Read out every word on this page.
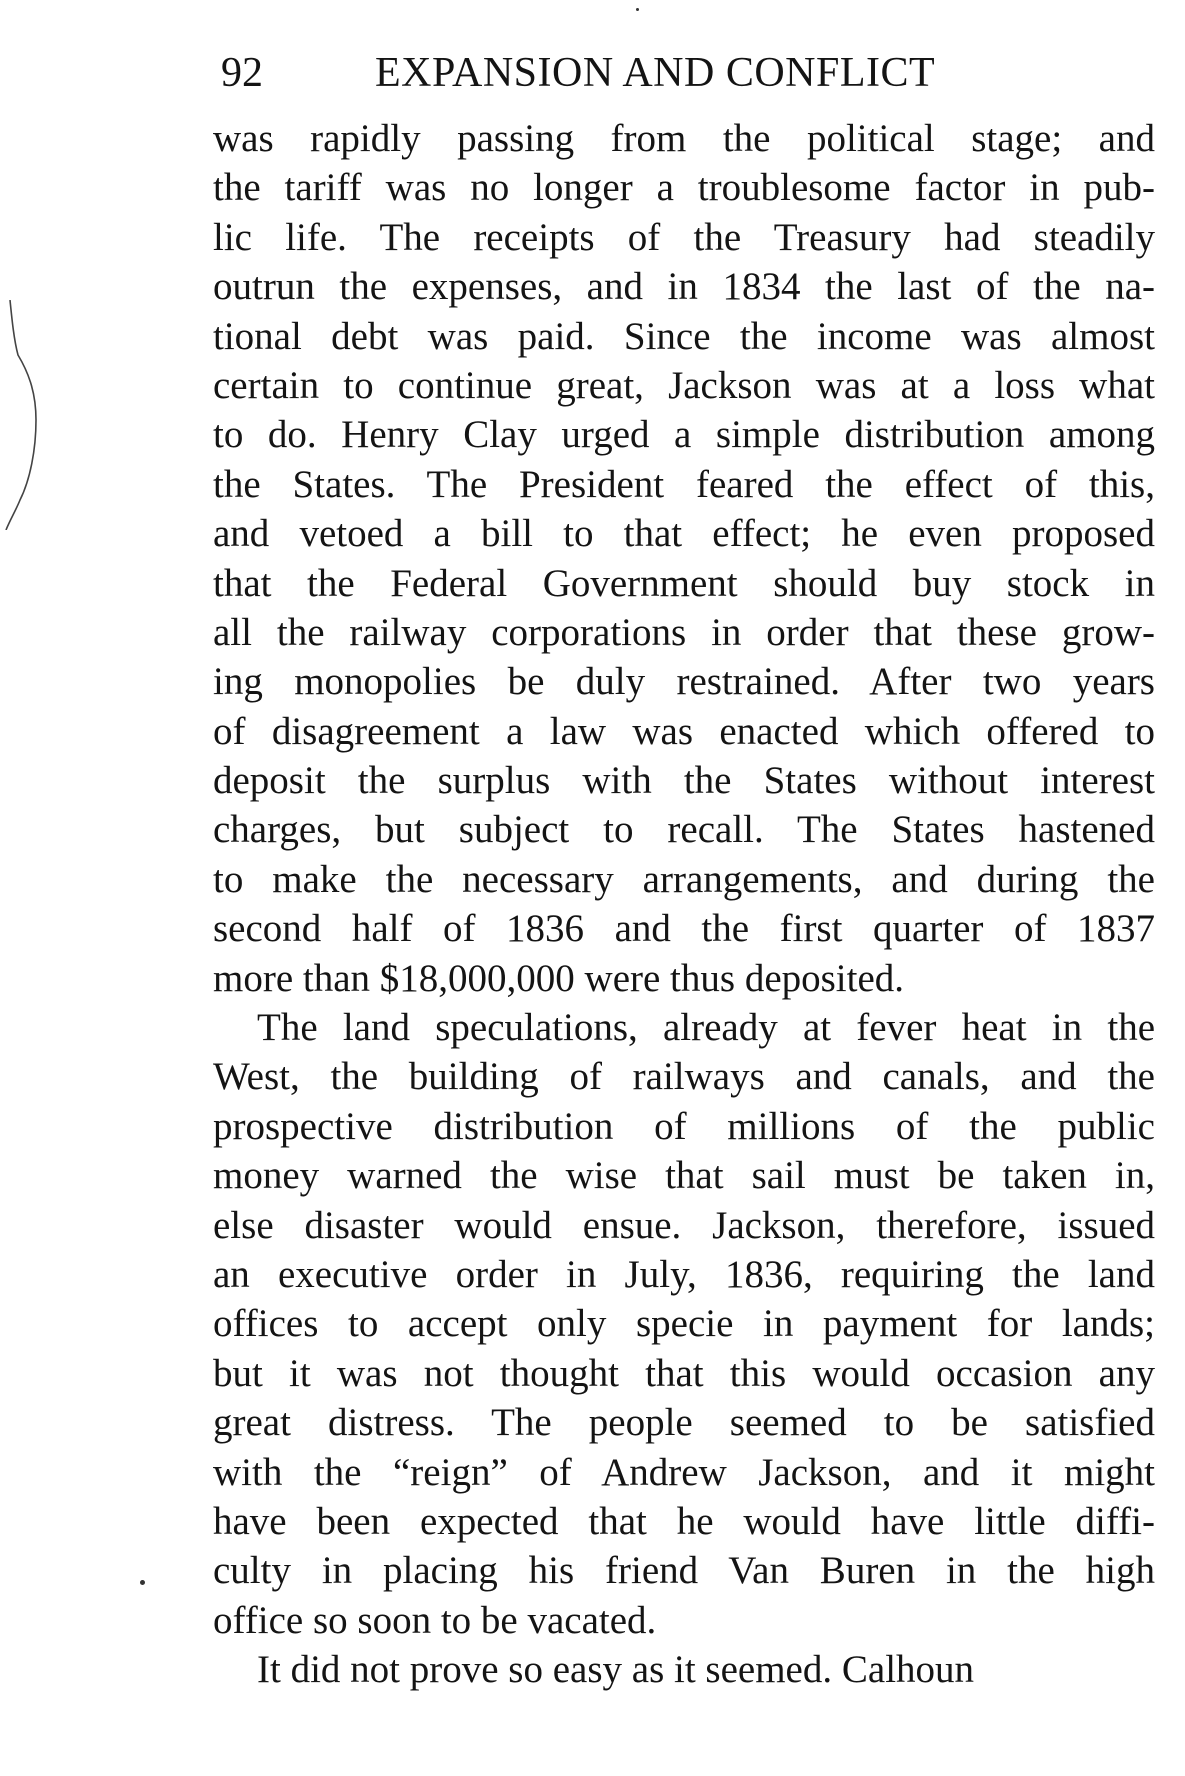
92	EXPANSION AND CONFLICT
was rapidly passing from the political stage; and
the tariff was no longer a troublesome factor in pub-
lic life. The receipts of the Treasury had steadily
outrun the expenses, and in 1834 the last of the na-
tional debt was paid. Since the income was almost
certain to continue great, Jackson was at a loss what
to do. Henry Clay urged a simple distribution among
the States. The President feared the effect of this,
and vetoed a bill to that effect; he even proposed
that the Federal Government should buy stock in
all the railway corporations in order that these grow-
ing monopolies be duly restrained. After two years
of disagreement a law was enacted which offered to
deposit the surplus with the States without interest
charges, but subject to recall. The States hastened
to make the necessary arrangements, and during the
second half of 1836 and the first quarter of 1837
more than $18,000,000 were thus deposited.
The land speculations, already at fever heat in the
West, the building of railways and canals, and the
prospective distribution of millions of the public
money warned the wise that sail must be taken in,
else disaster would ensue. Jackson, therefore, issued
an executive order in July, 1836, requiring the land
offices to accept only specie in payment for lands;
but it was not thought that this would occasion any
great distress. The people seemed to be satisfied
with the “reign” of Andrew Jackson, and it might
have been expected that he would have little diffi-
culty in placing his friend Van Buren in the high
office so soon to be vacated.
It did not prove so easy as it seemed. Calhoun
